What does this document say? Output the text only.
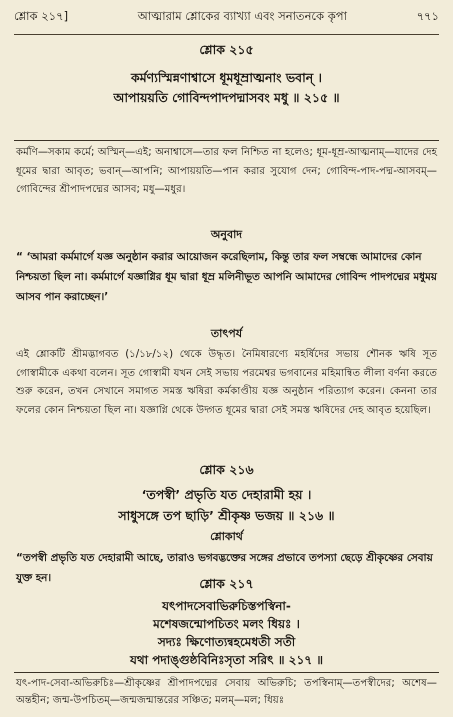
শ্লোক ২১৭]	আত্মারাম শ্লোকের ব্যাখ্যা এবং সনাতনকে কৃপা	৭৭১
শ্লোক ২১৫
কর্মণ্যস্মিন্নণাশ্বাসে ধূমধূম্রাত্মনাং ভবান্ ।
আপায়য়তি গোবিন্দপাদপদ্মাসবং মধু ॥ ২১৫ ॥
কর্মণি—সকাম কর্মে; অস্মিন্—এই; অনাশ্বাসে—তার ফল নিশ্চিত না হলেও; ধূম-ধূম্র-আত্মনাম্—যাদের দেহ ধূমের দ্বারা আবৃত; ভবান্—আপনি; আপায়য়তি—পান করার সুযোগ দেন; গোবিন্দ-পাদ-পদ্ম-আসবম্—গোবিন্দের শ্রীপাদপদ্মের আসব; মধু—মধুর।
অনুবাদ
“ ‘আমরা কর্মমার্গে যজ্ঞ অনুষ্ঠান করার আয়োজন করেছিলাম, কিন্তু তার ফল সম্বন্ধে আমাদের কোন নিশ্চয়তা ছিল না। কর্মমার্গে যজ্ঞাগ্নির ধূম দ্বারা ধূম্র মলিনীভূত আপনি আমাদের গোবিন্দ পাদপদ্মের মধুময় আসব পান করাচ্ছেন।’
তাৎপর্য
এই শ্লোকটি শ্রীমদ্ভাগবত (১/১৮/১২) থেকে উদ্ধৃত। নৈমিষারণ্যে মহর্ষিদের সভায় শৌনক ঋষি সূত গোস্বামীকে একথা বলেন। সূত গোস্বামী যখন সেই সভায় পরমেশ্বর ভগবানের মহিমান্বিত লীলা বর্ণনা করতে শুরু করেন, তখন সেখানে সমাগত সমস্ত ঋষিরা কর্মকাণ্ডীয় যজ্ঞ অনুষ্ঠান পরিত্যাগ করেন। কেননা তার ফলের কোন নিশ্চয়তা ছিল না। যজ্ঞাগ্নি থেকে উদ্গত ধূমের দ্বারা সেই সমস্ত ঋষিদের দেহ আবৃত হয়েছিল।
শ্লোক ২১৬
‘তপস্বী’ প্রভৃতি যত দেহারামী হয় ।
সাধুসঙ্গে তপ ছাড়ি’ শ্রীকৃষ্ণ ভজয় ॥ ২১৬ ॥
শ্লোকার্থ
“তপস্বী প্রভৃতি যত দেহারামী আছে, তারাও ভগবদ্ভক্তের সঙ্গের প্রভাবে তপস্যা ছেড়ে শ্রীকৃষ্ণের সেবায় যুক্ত হন।	শ্লোক ২১৭
যৎপাদসেবাভিরুচিস্তপস্বিনা-
মশেষজন্মোপচিতং মলং ধিয়ঃ ।
সদ্যঃ ক্ষিণোত্যন্বহমেধতী সতী
যথা পদাঙ্গুষ্ঠবিনিঃসৃতা সরিৎ ॥ ২১৭ ॥
যৎ-পাদ-সেবা-অভিরুচিঃ—শ্রীকৃষ্ণের শ্রীপাদপদ্মের সেবায় অভিরুচি; তপস্বিনাম্—তপস্বীদের; অশেষ—অন্তহীন; জন্ম-উপচিতম্—জন্মজন্মান্তরের সঞ্চিত; মলম্—মল; ধিয়ঃ
